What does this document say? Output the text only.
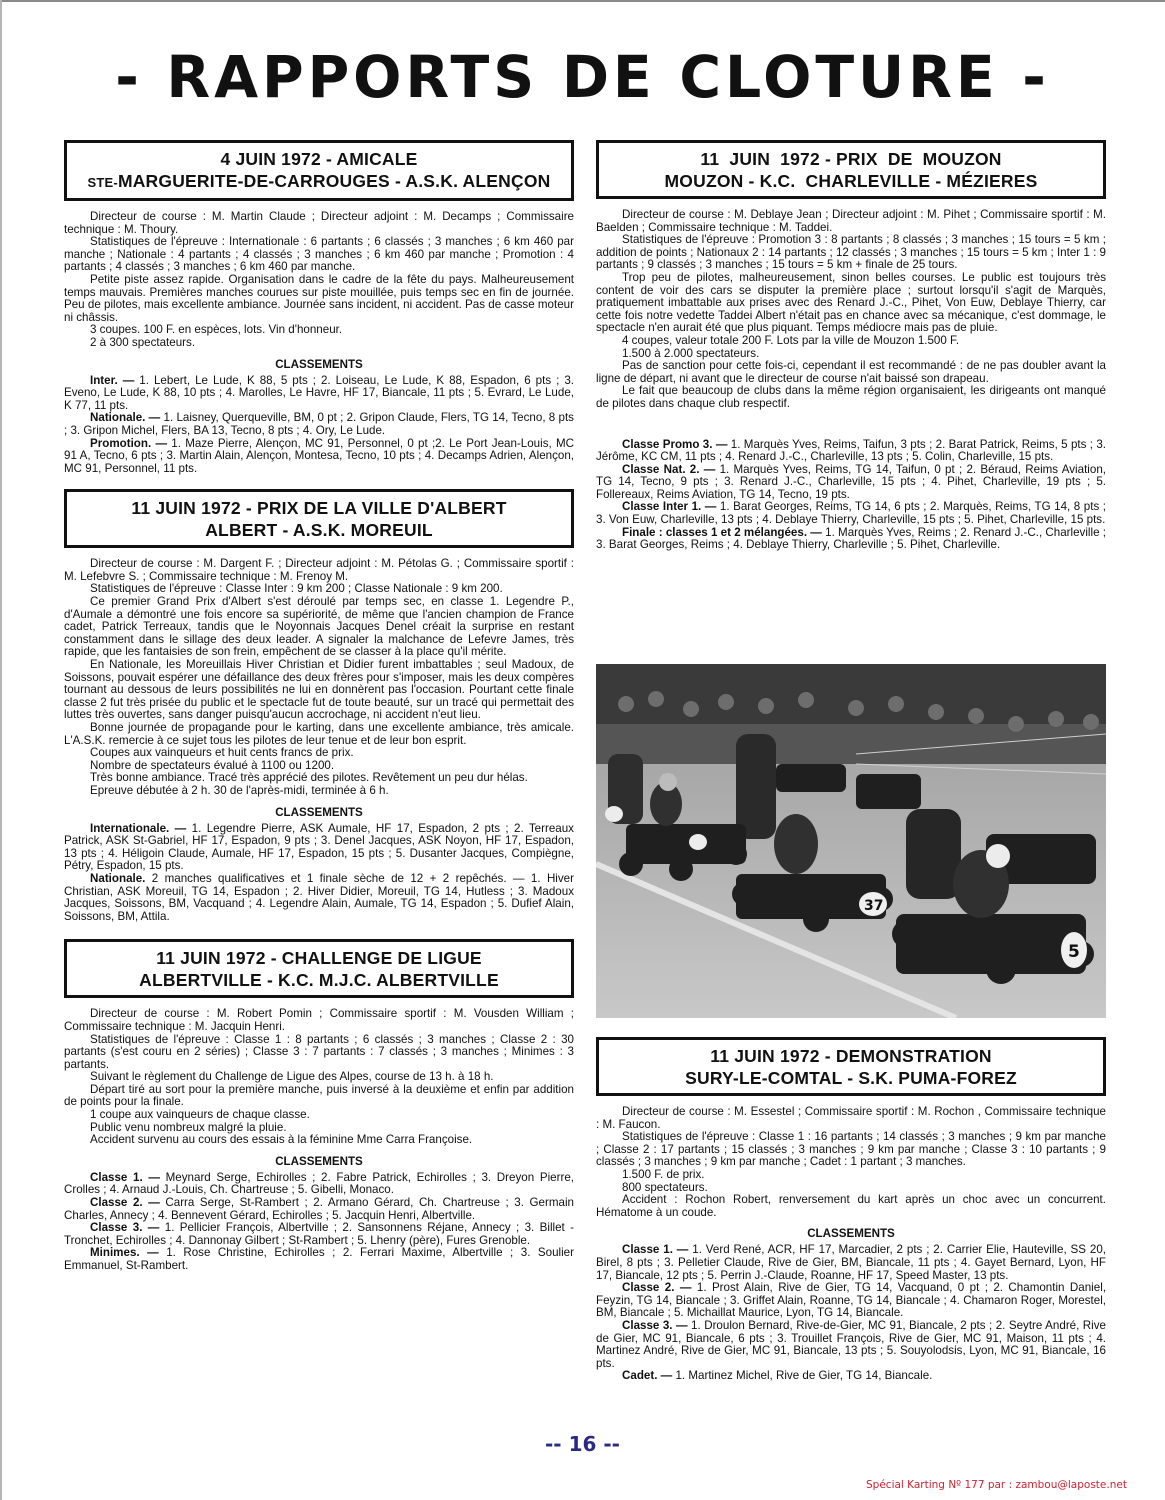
- RAPPORTS DE CLOTURE -
4 JUIN 1972 - AMICALE
STE-MARGUERITE-DE-CARROUGES - A.S.K. ALENÇON

Directeur de course : M. Martin Claude ; Directeur adjoint : M. Decamps ; Commissaire technique : M. Thoury.

Statistiques de l'épreuve : Internationale : 6 partants ; 6 classés ; 3 manches ; 6 km 460 par manche ; Nationale : 4 partants ; 4 classés ; 3 manches ; 6 km 460 par manche ; Promotion : 4 partants ; 4 classés ; 3 manches ; 6 km 460 par manche.

Petite piste assez rapide. Organisation dans le cadre de la fête du pays. Malheureusement temps mauvais. Premières manches courues sur piste mouillée, puis temps sec en fin de journée. Peu de pilotes, mais excellente ambiance. Journée sans incident, ni accident. Pas de casse moteur ni châssis.

3 coupes. 100 F. en espèces, lots. Vin d'honneur.

2 à 300 spectateurs.

CLASSEMENTS

Inter. — 1. Lebert, Le Lude, K 88, 5 pts ; 2. Loiseau, Le Lude, K 88, Espadon, 6 pts ; 3. Eveno, Le Lude, K 88, 10 pts ; 4. Marolles, Le Havre, HF 17, Biancale, 11 pts ; 5. Evrard, Le Lude, K 77, 11 pts.

Nationale. — 1. Laisney, Querqueville, BM, 0 pt ; 2. Gripon Claude, Flers, TG 14, Tecno, 8 pts ; 3. Gripon Michel, Flers, BA 13, Tecno, 8 pts ; 4. Ory, Le Lude.

Promotion. — 1. Maze Pierre, Alençon, MC 91, Personnel, 0 pt ;2. Le Port Jean-Louis, MC 91 A, Tecno, 6 pts ; 3. Martin Alain, Alençon, Montesa, Tecno, 10 pts ; 4. Decamps Adrien, Alençon, MC 91, Personnel, 11 pts.

11 JUIN 1972 - PRIX DE LA VILLE D'ALBERT
ALBERT - A.S.K. MOREUIL

Directeur de course : M. Dargent F. ; Directeur adjoint : M. Pétolas G. ; Commissaire sportif : M. Lefebvre S. ; Commissaire technique : M. Frenoy M.

Statistiques de l'épreuve : Classe Inter : 9 km 200 ; Classe Nationale : 9 km 200.

Ce premier Grand Prix d'Albert s'est déroulé par temps sec, en classe 1. Legendre P., d'Aumale a démontré une fois encore sa supériorité, de même que l'ancien champion de France cadet, Patrick Terreaux, tandis que le Noyonnais Jacques Denel créait la surprise en restant constamment dans le sillage des deux leader. A signaler la malchance de Lefevre James, très rapide, que les fantaisies de son frein, empêchent de se classer à la place qu'il mérite.

En Nationale, les Moreuillais Hiver Christian et Didier furent imbattables ; seul Madoux, de Soissons, pouvait espérer une défaillance des deux frères pour s'imposer, mais les deux compères tournant au dessous de leurs possibilités ne lui en donnèrent pas l'occasion. Pourtant cette finale classe 2 fut très prisée du public et le spectacle fut de toute beauté, sur un tracé qui permettait des luttes très ouvertes, sans danger puisqu'aucun accrochage, ni accident n'eut lieu.

Bonne journée de propagande pour le karting, dans une excellente ambiance, très amicale. L'A.S.K. remercie à ce sujet tous les pilotes de leur tenue et de leur bon esprit.

Coupes aux vainqueurs et huit cents francs de prix.

Nombre de spectateurs évalué à 1100 ou 1200.

Très bonne ambiance. Tracé très apprécié des pilotes. Revêtement un peu dur hélas.

Epreuve débutée à 2 h. 30 de l'après-midi, terminée à 6 h.

CLASSEMENTS

Internationale. — 1. Legendre Pierre, ASK Aumale, HF 17, Espadon, 2 pts ; 2. Terreaux Patrick, ASK St-Gabriel, HF 17, Espadon, 9 pts ; 3. Denel Jacques, ASK Noyon, HF 17, Espadon, 13 pts ; 4. Héligoin Claude, Aumale, HF 17, Espadon, 15 pts ; 5. Dusanter Jacques, Compiègne, Pétry, Espadon, 15 pts.

Nationale. 2 manches qualificatives et 1 finale sèche de 12 + 2 repêchés. — 1. Hiver Christian, ASK Moreuil, TG 14, Espadon ; 2. Hiver Didier, Moreuil, TG 14, Hutless ; 3. Madoux Jacques, Soissons, BM, Vacquand ; 4. Legendre Alain, Aumale, TG 14, Espadon ; 5. Dufief Alain, Soissons, BM, Attila.

11 JUIN 1972 - CHALLENGE DE LIGUE
ALBERTVILLE - K.C. M.J.C. ALBERTVILLE

Directeur de course : M. Robert Pomin ; Commissaire sportif : M. Vousden William ; Commissaire technique : M. Jacquin Henri.

Statistiques de l'épreuve : Classe 1 : 8 partants ; 6 classés ; 3 manches ; Classe 2 : 30 partants (s'est couru en 2 séries) ; Classe 3 : 7 partants : 7 classés ; 3 manches ; Minimes : 3 partants.

Suivant le règlement du Challenge de Ligue des Alpes, course de 13 h. à 18 h.

Départ tiré au sort pour la première manche, puis inversé à la deuxième et enfin par addition de points pour la finale.

1 coupe aux vainqueurs de chaque classe.

Public venu nombreux malgré la pluie.

Accident survenu au cours des essais à la féminine Mme Carra Françoise.

CLASSEMENTS

Classe 1. — Meynard Serge, Echirolles ; 2. Fabre Patrick, Echirolles ; 3. Dreyon Pierre, Crolles ; 4. Arnaud J.-Louis, Ch. Chartreuse ; 5. Gibelli, Monaco.

Classe 2. — Carra Serge, St-Rambert ; 2. Armano Gérard, Ch. Chartreuse ; 3. Germain Charles, Annecy ; 4. Bennevent Gérard, Echirolles ; 5. Jacquin Henri, Albertville.

Classe 3. — 1. Pellicier François, Albertville ; 2. Sansonnens Réjane, Annecy ; 3. Billet - Tronchet, Echirolles ; 4. Dannonay Gilbert ; St-Rambert ; 5. Lhenry (père), Fures Grenoble.

Minimes. — 1. Rose Christine, Echirolles ; 2. Ferrari Maxime, Albertville ; 3. Soulier Emmanuel, St-Rambert.

11  JUIN  1972 - PRIX  DE  MOUZON
MOUZON - K.C.  CHARLEVILLE - MÉZIERES

Directeur de course : M. Deblaye Jean ; Directeur adjoint : M. Pihet ; Commissaire sportif : M. Baelden ; Commissaire technique : M. Taddei.

Statistiques de l'épreuve : Promotion 3 : 8 partants ; 8 classés ; 3 manches ; 15 tours = 5 km ; addition de points ; Nationaux 2 : 14 partants ; 12 classés ; 3 manches ; 15 tours = 5 km ; Inter 1 : 9 partants ; 9 classés ; 3 manches ; 15 tours = 5 km + finale de 25 tours.

Trop peu de pilotes, malheureusement, sinon belles courses. Le public est toujours très content de voir des cars se disputer la première place ; surtout lorsqu'il s'agit de Marquès, pratiquement imbattable aux prises avec des Renard J.-C., Pihet, Von Euw, Deblaye Thierry, car cette fois notre vedette Taddei Albert n'était pas en chance avec sa mécanique, c'est dommage, le spectacle n'en aurait été que plus piquant. Temps médiocre mais pas de pluie.

4 coupes, valeur totale 200 F. Lots par la ville de Mouzon 1.500 F.

1.500 à 2.000 spectateurs.

Pas de sanction pour cette fois-ci, cependant il est recommandé : de ne pas doubler avant la ligne de départ, ni avant que le directeur de course n'ait baissé son drapeau.

Le fait que beaucoup de clubs dans la même région organisaient, les dirigeants ont manqué de pilotes dans chaque club respectif.

Classe Promo 3. — 1. Marquès Yves, Reims, Taifun, 3 pts ; 2. Barat Patrick, Reims, 5 pts ; 3. Jérôme, KC CM, 11 pts ; 4. Renard J.-C., Charleville, 13 pts ; 5. Colin, Charleville, 15 pts.

Classe Nat. 2. — 1. Marquès Yves, Reims, TG 14, Taifun, 0 pt ; 2. Béraud, Reims Aviation, TG 14, Tecno, 9 pts ; 3. Renard J.-C., Charleville, 15 pts ; 4. Pihet, Charleville, 19 pts ; 5. Follereaux, Reims Aviation, TG 14, Tecno, 19 pts.

Classe Inter 1. — 1. Barat Georges, Reims, TG 14, 6 pts ; 2. Marquès, Reims, TG 14, 8 pts ; 3. Von Euw, Charleville, 13 pts ; 4. Deblaye Thierry, Charleville, 15 pts ; 5. Pihet, Charleville, 15 pts.

Finale : classes 1 et 2 mélangées. — 1. Marquès Yves, Reims ; 2. Renard J.-C., Charleville ; 3. Barat Georges, Reims ; 4. Deblaye Thierry, Charleville ; 5. Pihet, Charleville.

37
5
11 JUIN 1972 - DEMONSTRATION
SURY-LE-COMTAL - S.K. PUMA-FOREZ

Directeur de course : M. Essestel ; Commissaire sportif : M. Rochon , Commissaire technique : M. Faucon.

Statistiques de l'épreuve : Classe 1 : 16 partants ; 14 classés ; 3 manches ; 9 km par manche ; Classe 2 : 17 partants ; 15 classés ; 3 manches ; 9 km par manche ; Classe 3 : 10 partants ; 9 classés ; 3 manches ; 9 km par manche ; Cadet : 1 partant ; 3 manches.

1.500 F. de prix.

800 spectateurs.

Accident : Rochon Robert, renversement du kart après un choc avec un concurrent. Hématome à un coude.

CLASSEMENTS

Classe 1. — 1. Verd René, ACR, HF 17, Marcadier, 2 pts ; 2. Carrier Elie, Hauteville, SS 20, Birel, 8 pts ; 3. Pelletier Claude, Rive de Gier, BM, Biancale, 11 pts ; 4. Gayet Bernard, Lyon, HF 17, Biancale, 12 pts ; 5. Perrin J.-Claude, Roanne, HF 17, Speed Master, 13 pts.

Classe 2. — 1. Prost Alain, Rive de Gier, TG 14, Vacquand, 0 pt ; 2. Chamontin Daniel, Feyzin, TG 14, Biancale ; 3. Griffet Alain, Roanne, TG 14, Biancale ; 4. Chamaron Roger, Morestel, BM, Biancale ; 5. Michaillat Maurice, Lyon, TG 14, Biancale.

Classe 3. — 1. Droulon Bernard, Rive-de-Gier, MC 91, Biancale, 2 pts ; 2. Seytre André, Rive de Gier, MC 91, Biancale, 6 pts ; 3. Trouillet François, Rive de Gier, MC 91, Maison, 11 pts ; 4. Martinez André, Rive de Gier, MC 91, Biancale, 13 pts ; 5. Souyolodsis, Lyon, MC 91, Biancale, 16 pts.

Cadet. — 1. Martinez Michel, Rive de Gier, TG 14, Biancale.

-- 16 --
Spécial Karting Nº 177 par : zambou@laposte.net
